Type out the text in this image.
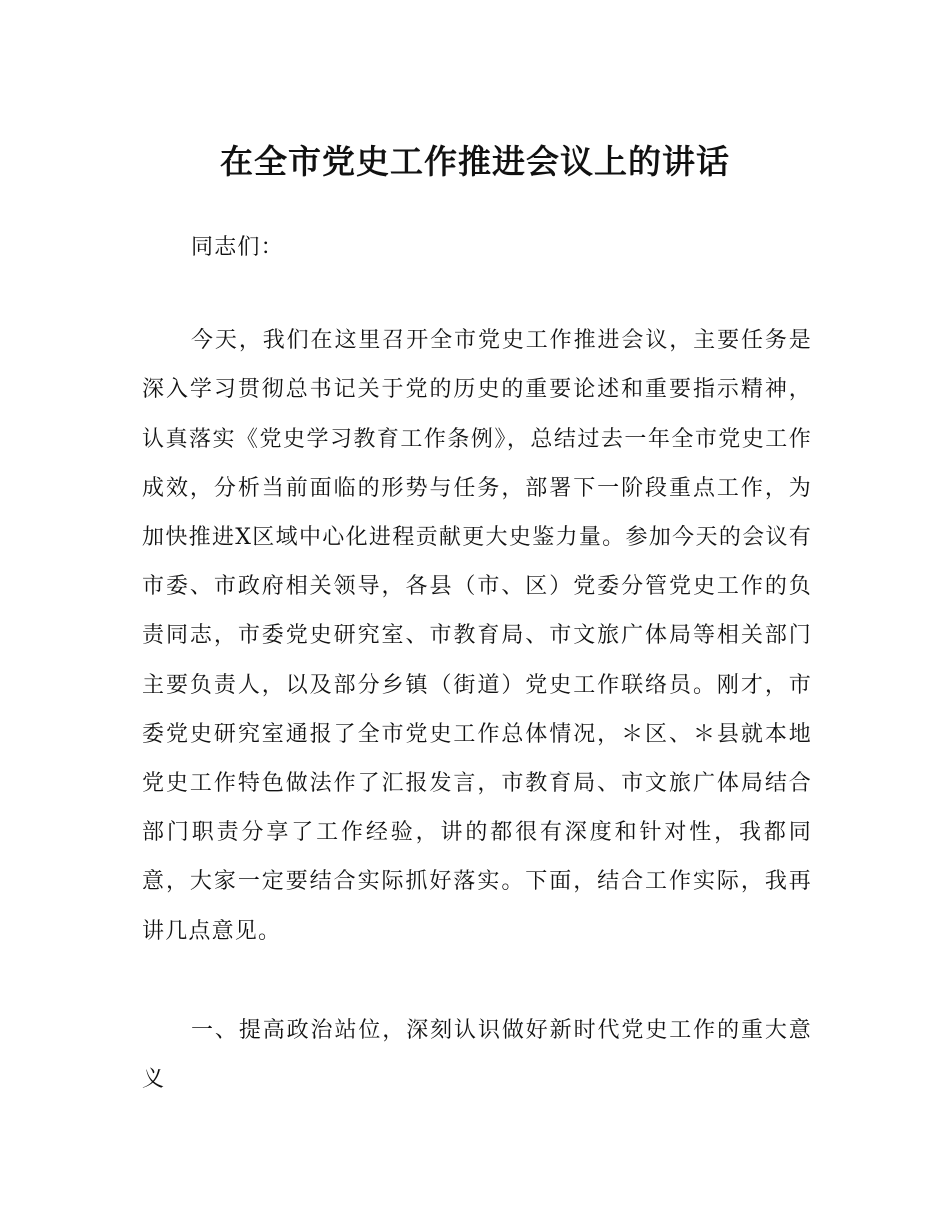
在全市党史工作推进会议上的讲话

同志们：

今天，我们在这里召开全市党史工作推进会议，主要任务是深入学习贯彻总书记关于党的历史的重要论述和重要指示精神，认真落实《党史学习教育工作条例》，总结过去一年全市党史工作成效，分析当前面临的形势与任务，部署下一阶段重点工作，为加快推进X区域中心化进程贡献更大史鉴力量。参加今天的会议有市委、市政府相关领导，各县（市、区）党委分管党史工作的负责同志，市委党史研究室、市教育局、市文旅广体局等相关部门主要负责人，以及部分乡镇（街道）党史工作联络员。刚才，市委党史研究室通报了全市党史工作总体情况，＊区、＊县就本地党史工作特色做法作了汇报发言，市教育局、市文旅广体局结合部门职责分享了工作经验，讲的都很有深度和针对性，我都同意，大家一定要结合实际抓好落实。下面，结合工作实际，我再讲几点意见。

一、提高政治站位，深刻认识做好新时代党史工作的重大意义
